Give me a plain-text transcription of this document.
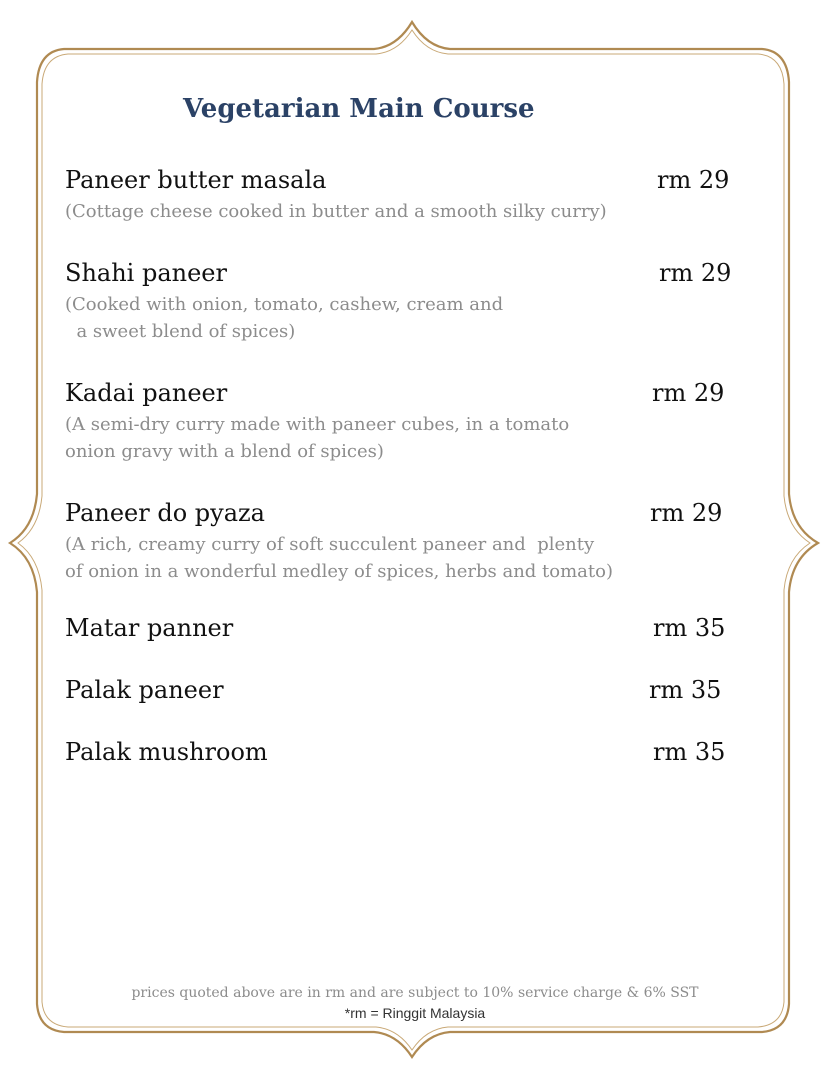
Vegetarian Main Course
Paneer butter masala	rm 29

(Cottage cheese cooked in butter and a smooth silky curry)

Shahi paneer	rm 29

(Cooked with onion, tomato, cashew, cream and
a sweet blend of spices)

Kadai paneer	rm 29

(A semi-dry curry made with paneer cubes, in a tomato
onion gravy with a blend of spices)

Paneer do pyaza	rm 29

(A rich, creamy curry of soft succulent paneer and  plenty
of onion in a wonderful medley of spices, herbs and tomato)

Matar panner	rm 35
Palak paneer	rm 35
Palak mushroom	rm 35
prices quoted above are in rm and are subject to 10% service charge & 6% SST
*rm = Ringgit Malaysia
